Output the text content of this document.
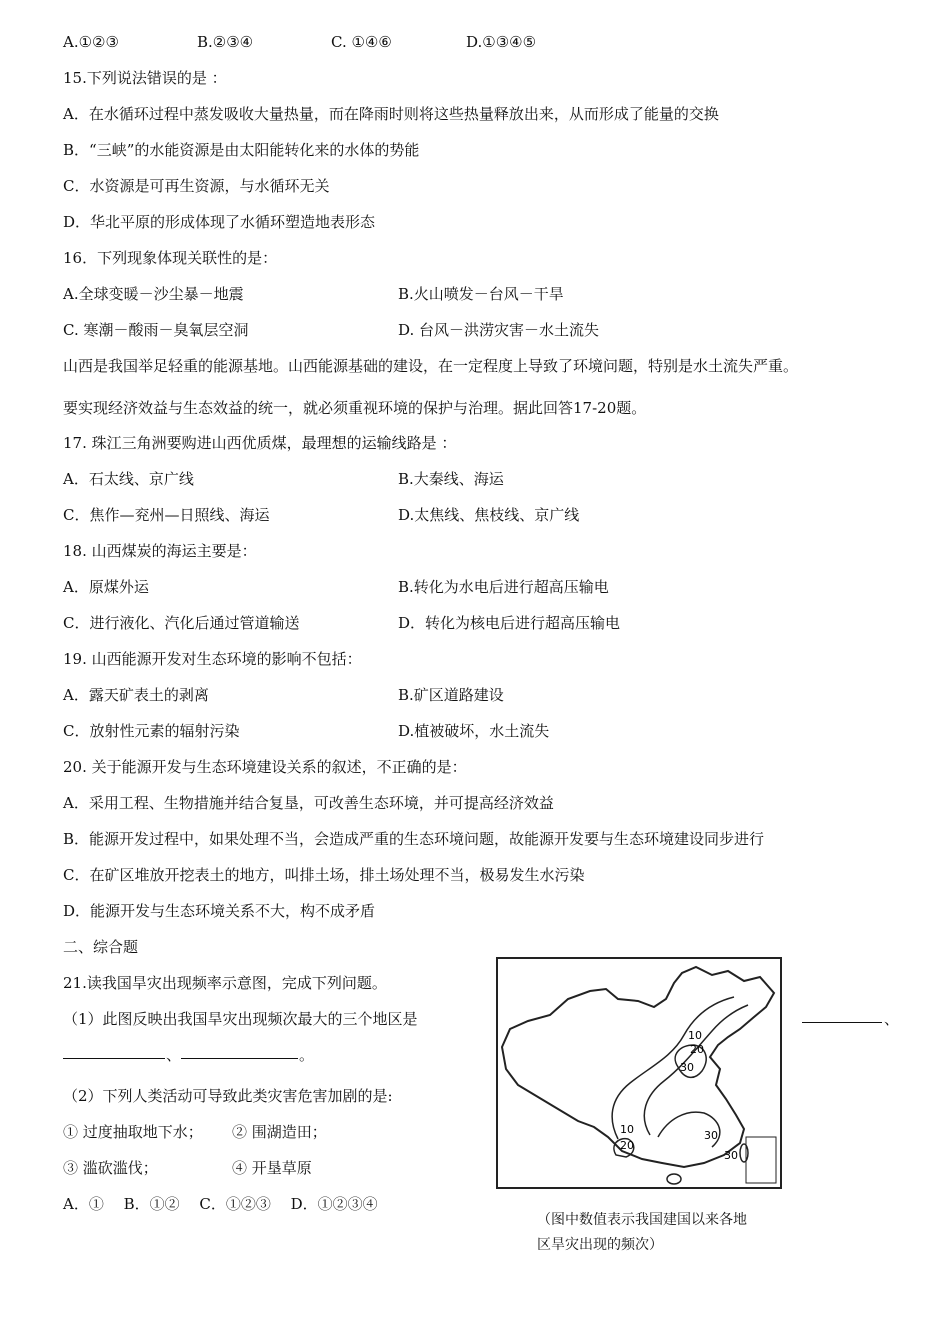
A.①②③	B.②③④	C. ①④⑥	D.①③④⑤
15.下列说法错误的是 ：
A．在水循环过程中蒸发吸收大量热量，而在降雨时则将这些热量释放出来，从而形成了能量的交换
B．“三峡”的水能资源是由太阳能转化来的水体的势能
C．水资源是可再生资源，与水循环无关
D．华北平原的形成体现了水循环塑造地表形态
16．下列现象体现关联性的是：
A.全球变暖－沙尘暴－地震	B.火山喷发－台风－干旱
C. 寒潮－酸雨－臭氧层空洞	D. 台风－洪涝灾害－水土流失
山西是我国举足轻重的能源基地。山西能源基础的建设，在一定程度上导致了环境问题，特别是水土流失严重。
要实现经济效益与生态效益的统一，就必须重视环境的保护与治理。据此回答17-20题。
17. 珠江三角洲要购进山西优质煤，最理想的运输线路是 ：
A．石太线、京广线	B.大秦线、海运
C．焦作—兖州—日照线、海运	D.太焦线、焦枝线、京广线
18. 山西煤炭的海运主要是：
A．原煤外运	B.转化为水电后进行超高压输电
C．进行液化、汽化后通过管道输送	D．转化为核电后进行超高压输电
19. 山西能源开发对生态环境的影响不包括：
A．露天矿表土的剥离	B.矿区道路建设
C．放射性元素的辐射污染	D.植被破坏，水土流失
20. 关于能源开发与生态环境建设关系的叙述，不正确的是：
A．采用工程、生物措施并结合复垦，可改善生态环境，并可提高经济效益
B．能源开发过程中，如果处理不当，会造成严重的生态环境问题，故能源开发要与生态环境建设同步进行
C．在矿区堆放开挖表土的地方，叫排土场，排土场处理不当，极易发生水污染
D．能源开发与生态环境关系不大，构不成矛盾
二、综合题
21.读我国旱灾出现频率示意图，完成下列问题。
（1）此图反映出我国旱灾出现频次最大的三个地区是	、
、	。
（2）下列人类活动可导致此类灾害危害加剧的是:
① 过度抽取地下水； ② 围湖造田；
③ 滥砍滥伐；	④ 开垦草原
A．①　 B．①②　 C．①②③　 D．①②③④
10
20
30
10
20
30
30
（图中数值表示我国建国以来各地
区旱灾出现的频次）
